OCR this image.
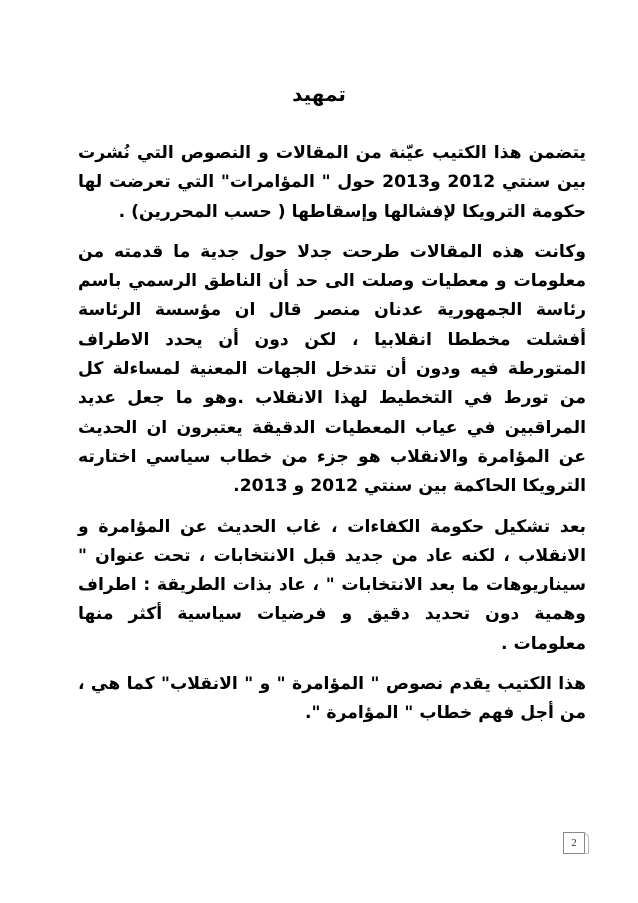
تمهيد

يتضمن هذا الكتيب عيّنة من المقالات و النصوص التي نُشرت بين سنتي 2012 و2013 حول " المؤامرات" التي تعرضت لها حكومة الترويكا لإفشالها وإسقاطها ( حسب المحررين) .

وكانت هذه المقالات طرحت جدلا حول جدية ما قدمته من معلومات و معطيات وصلت الى حد أن الناطق الرسمي باسم رئاسة الجمهورية عدنان منصر قال ان مؤسسة الرئاسة أفشلت مخططا انقلابيا ، لكن دون أن يحدد الاطراف المتورطة فيه ودون أن تتدخل الجهات المعنية لمساءلة كل من تورط في التخطيط لهذا الانقلاب .وهو ما جعل عديد المراقبين في عياب المعطيات الدقيقة يعتبرون ان الحديث عن المؤامرة والانقلاب هو جزء من خطاب سياسي اختارته الترويكا الحاكمة بين سنتي 2012 و 2013.

بعد تشكيل حكومة الكفاءات ، غاب الحديث عن المؤامرة و الانقلاب ، لكنه عاد من جديد قبل الانتخابات ، تحت عنوان " سيناريوهات ما بعد الانتخابات " ، عاد بذات الطريقة : اطراف وهمية دون تحديد دقيق و فرضيات سياسية أكثر منها معلومات .

هذا الكتيب يقدم نصوص " المؤامرة " و " الانقلاب" كما هي ، من أجل فهم خطاب " المؤامرة ".

2
